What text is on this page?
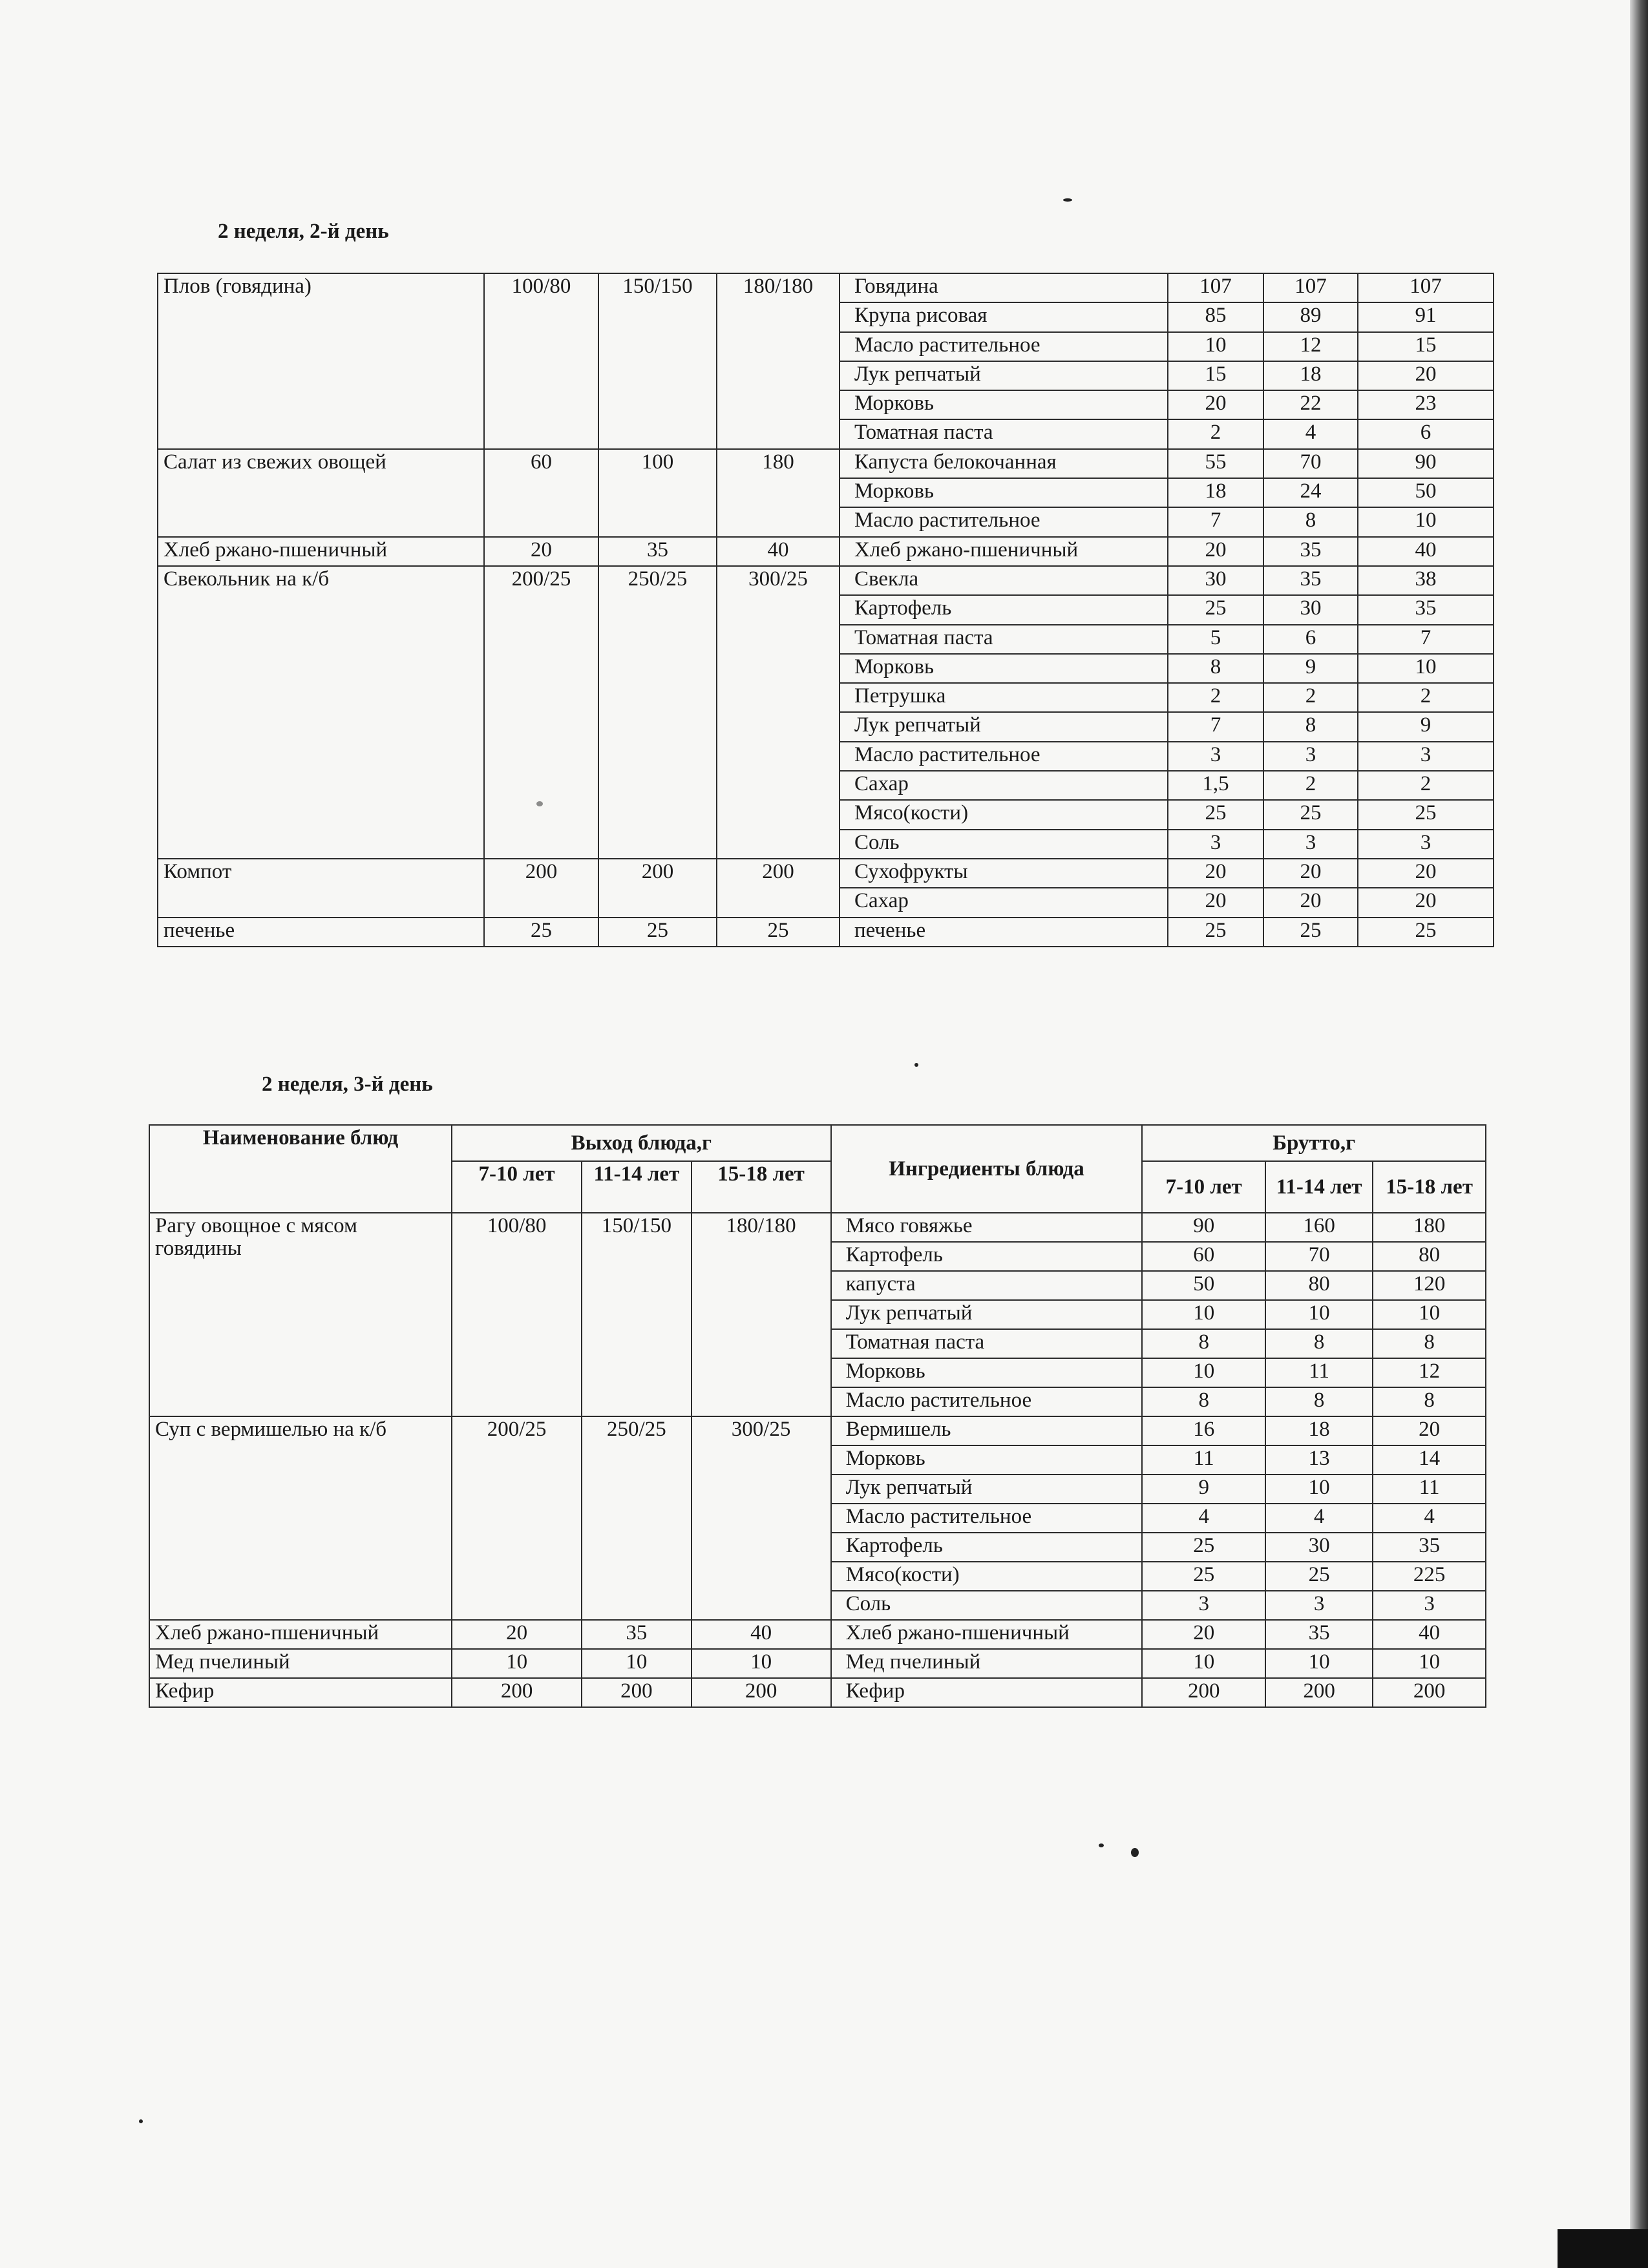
2 неделя, 2-й день
Плов (говядина)	100/80	150/150	180/180	Говядина	107	107	107
				Крупа рисовая	85	89	91
				Масло растительное	10	12	15
				Лук репчатый	15	18	20
				Морковь	20	22	23
				Томатная паста	2	4	6
Салат из свежих овощей	60	100	180	Капуста белокочанная	55	70	90
				Морковь	18	24	50
				Масло растительное	7	8	10
Хлеб ржано-пшеничный	20	35	40	Хлеб ржано-пшеничный	20	35	40
Свекольник на к/б	200/25	250/25	300/25	Свекла	30	35	38
				Картофель	25	30	35
				Томатная паста	5	6	7
				Морковь	8	9	10
				Петрушка	2	2	2
				Лук репчатый	7	8	9
				Масло растительное	3	3	3
				Сахар	1,5	2	2
				Мясо(кости)	25	25	25
				Соль	3	3	3
Компот	200	200	200	Сухофрукты	20	20	20
				Сахар	20	20	20
печенье	25	25	25	печенье	25	25	25
2 неделя, 3-й день
Наименование блюд	Выход блюда,г			Ингредиенты блюда	Брутто,г		
	7-10 лет	11-14 лет	15-18 лет		7-10 лет	11-14 лет	15-18 лет
Рагу овощное с мясом говядины	100/80	150/150	180/180	Мясо говяжье	90	160	180
				Картофель	60	70	80
				капуста	50	80	120
				Лук репчатый	10	10	10
				Томатная паста	8	8	8
				Морковь	10	11	12
				Масло растительное	8	8	8
Суп с вермишелью на к/б	200/25	250/25	300/25	Вермишель	16	18	20
				Морковь	11	13	14
				Лук репчатый	9	10	11
				Масло растительное	4	4	4
				Картофель	25	30	35
				Мясо(кости)	25	25	225
				Соль	3	3	3
Хлеб ржано-пшеничный	20	35	40	Хлеб ржано-пшеничный	20	35	40
Мед пчелиный	10	10	10	Мед пчелиный	10	10	10
Кефир	200	200	200	Кефир	200	200	200
